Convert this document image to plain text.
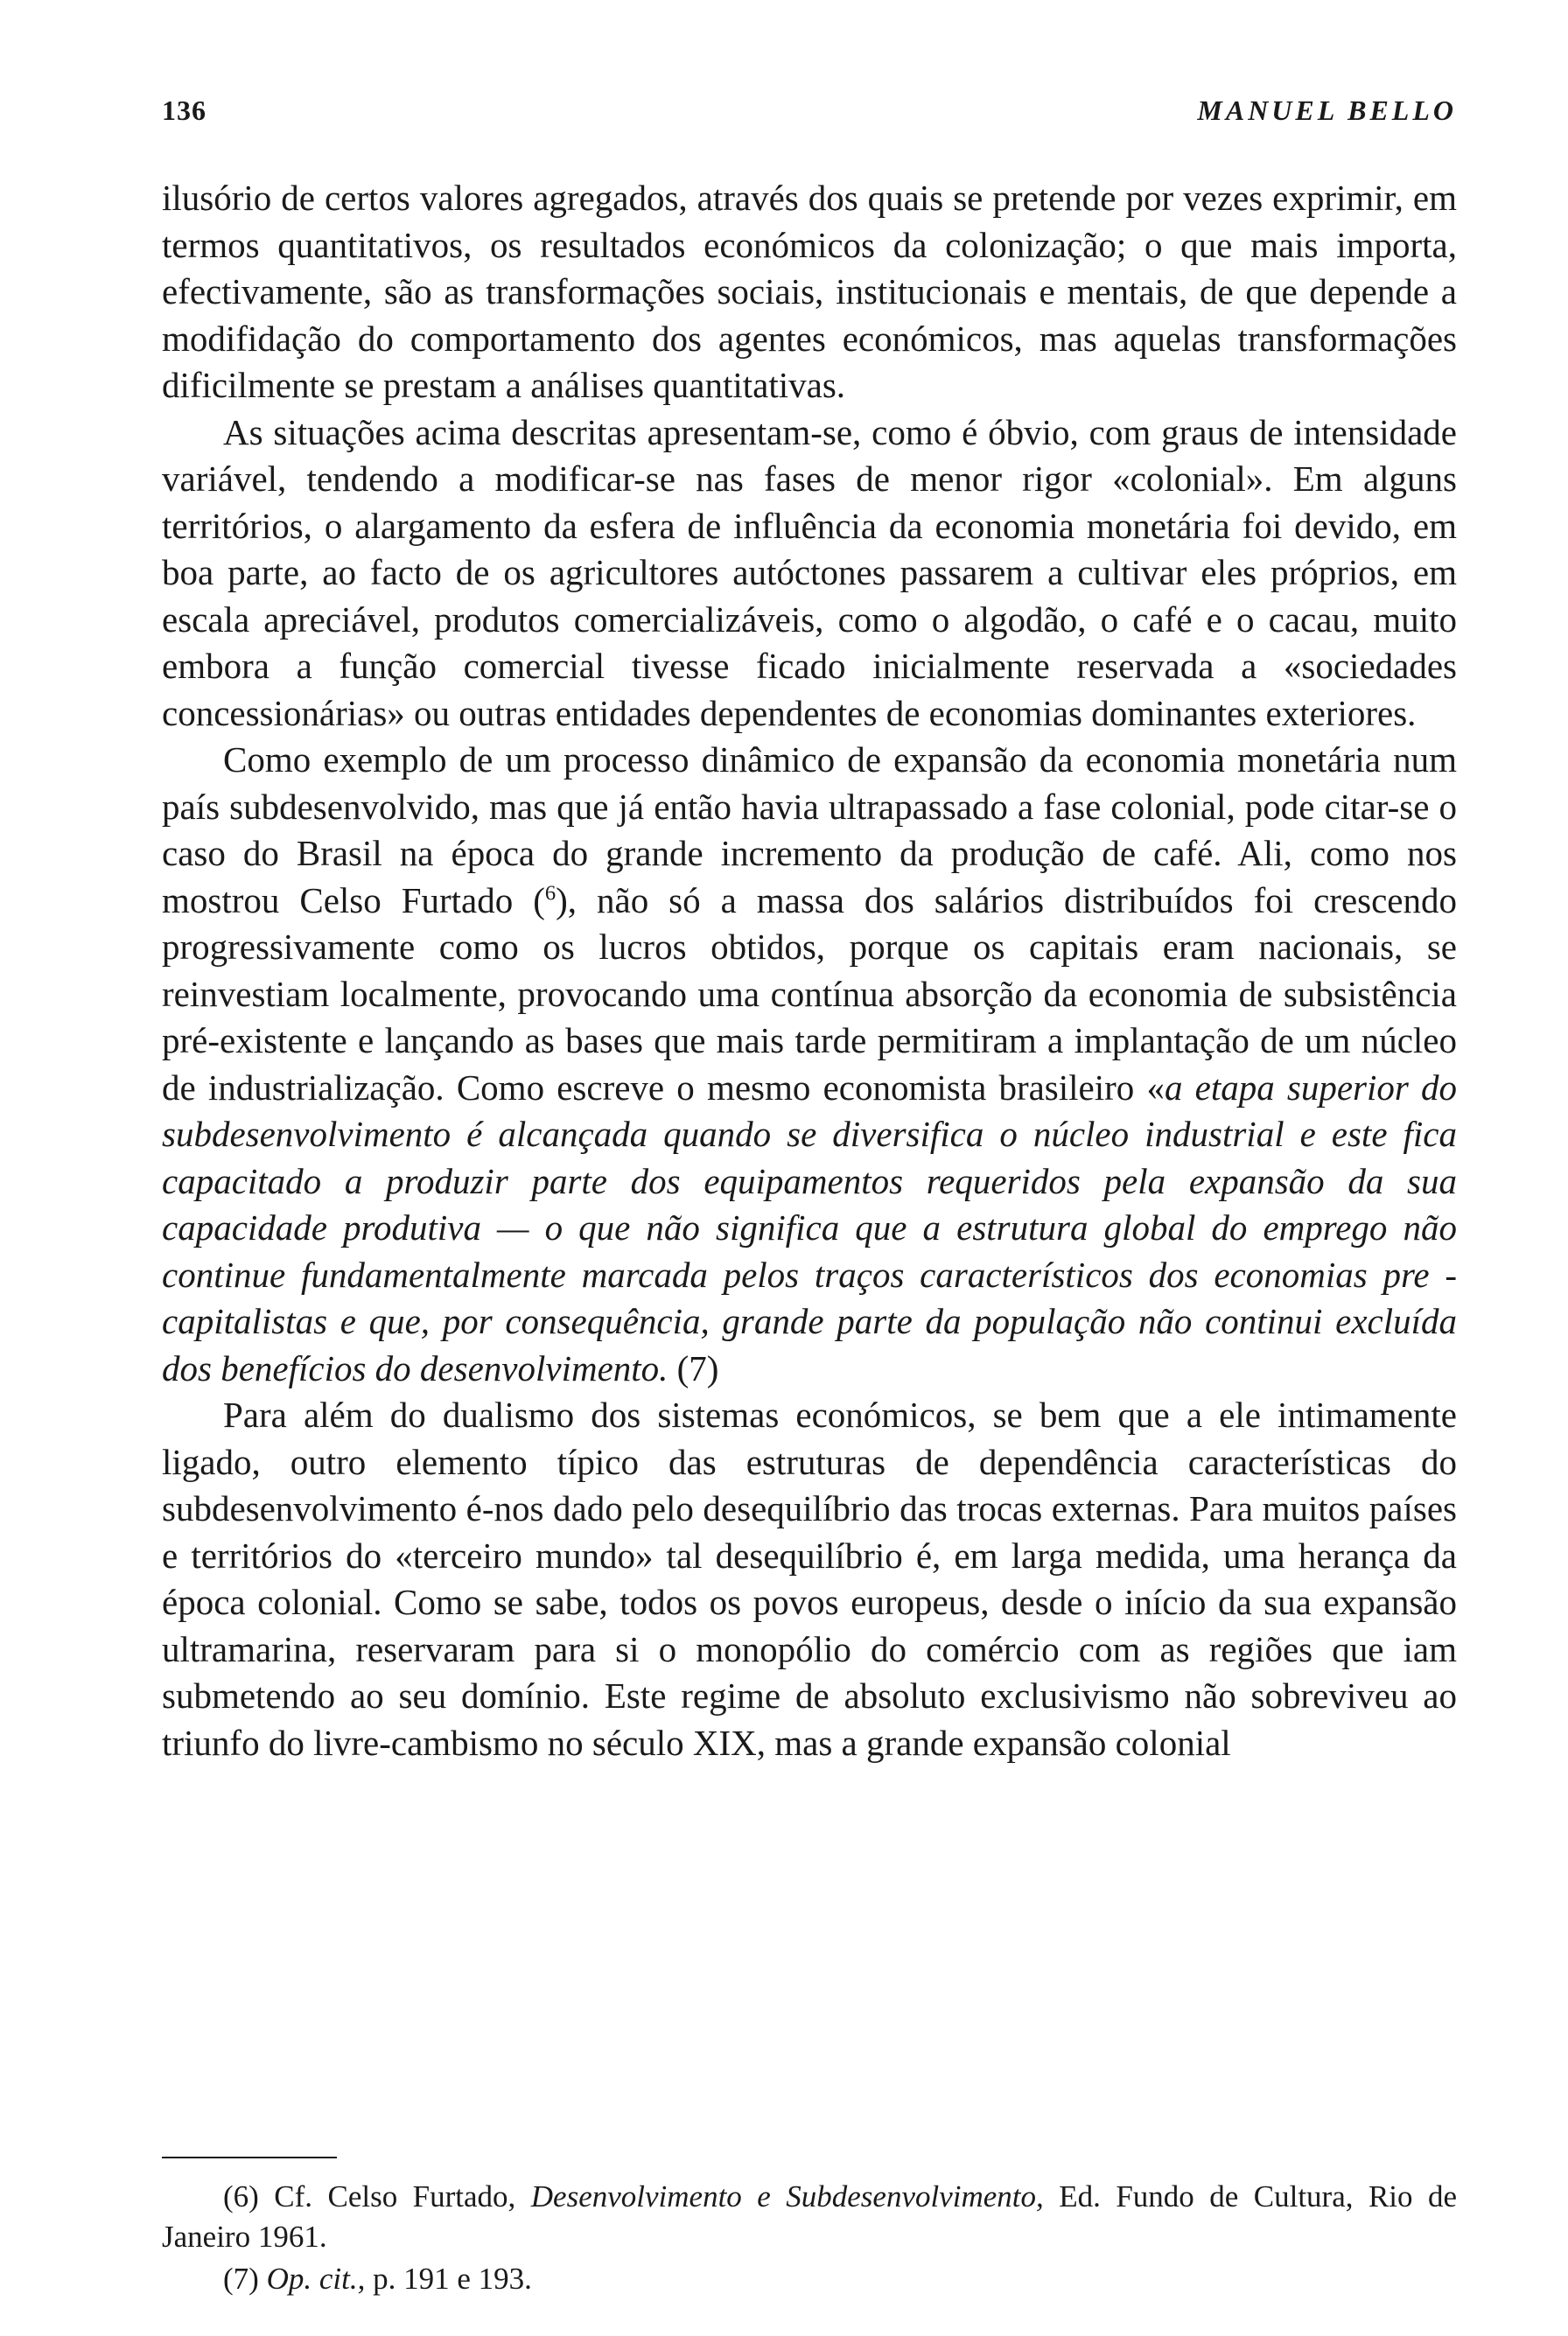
136	MANUEL BELLO

ilusório de certos valores agregados, através dos quais se pretende por vezes exprimir, em termos quantitativos, os resultados económicos da colonização; o que mais importa, efectivamente, são as transformações sociais, institucionais e mentais, de que depende a modifidação do comportamento dos agentes económicos, mas aquelas transformações dificilmente se prestam a análises quantitativas.

As situações acima descritas apresentam-se, como é óbvio, com graus de intensidade variável, tendendo a modificar-se nas fases de menor rigor «colonial». Em alguns territórios, o alargamento da esfera de influência da economia monetária foi devido, em boa parte, ao facto de os agricultores autóctones passarem a cultivar eles próprios, em escala apreciável, produtos comercializáveis, como o algodão, o café e o cacau, muito embora a função comercial tivesse ficado inicialmente reservada a «sociedades concessionárias» ou outras entidades dependentes de economias dominantes exteriores.

Como exemplo de um processo dinâmico de expansão da economia monetária num país subdesenvolvido, mas que já então havia ultrapassado a fase colonial, pode citar-se o caso do Brasil na época do grande incremento da produção de café. Ali, como nos mostrou Celso Furtado ($^6$), não só a massa dos salários distribuídos foi crescendo progressivamente como os lucros obtidos, porque os capitais eram nacionais, se reinvestiam localmente, provocando uma contínua absorção da economia de subsistência pré-existente e lançando as bases que mais tarde permitiram a implantação de um núcleo de industrialização. Como escreve o mesmo economista brasileiro «a etapa superior do subdesenvolvimento é alcançada quando se diversifica o núcleo industrial e este fica capacitado a produzir parte dos equipamentos requeridos pela expansão da sua capacidade produtiva — o que não significa que a estrutura global do emprego não continue fundamentalmente marcada pelos traços característicos dos economias pre -capitalistas e que, por consequência, grande parte da população não continui excluída dos benefícios do desenvolvimento. (7)

Para além do dualismo dos sistemas económicos, se bem que a ele intimamente ligado, outro elemento típico das estruturas de dependência características do subdesenvolvimento é-nos dado pelo desequilíbrio das trocas externas. Para muitos países e territórios do «terceiro mundo» tal desequilíbrio é, em larga medida, uma herança da época colonial. Como se sabe, todos os povos europeus, desde o início da sua expansão ultramarina, reservaram para si o monopólio do comércio com as regiões que iam submetendo ao seu domínio. Este regime de absoluto exclusivismo não sobreviveu ao triunfo do livre-cambismo no século XIX, mas a grande expansão colonial

(6) Cf. Celso Furtado, Desenvolvimento e Subdesenvolvimento, Ed. Fundo de Cultura, Rio de Janeiro 1961.

(7) Op. cit., p. 191 e 193.
